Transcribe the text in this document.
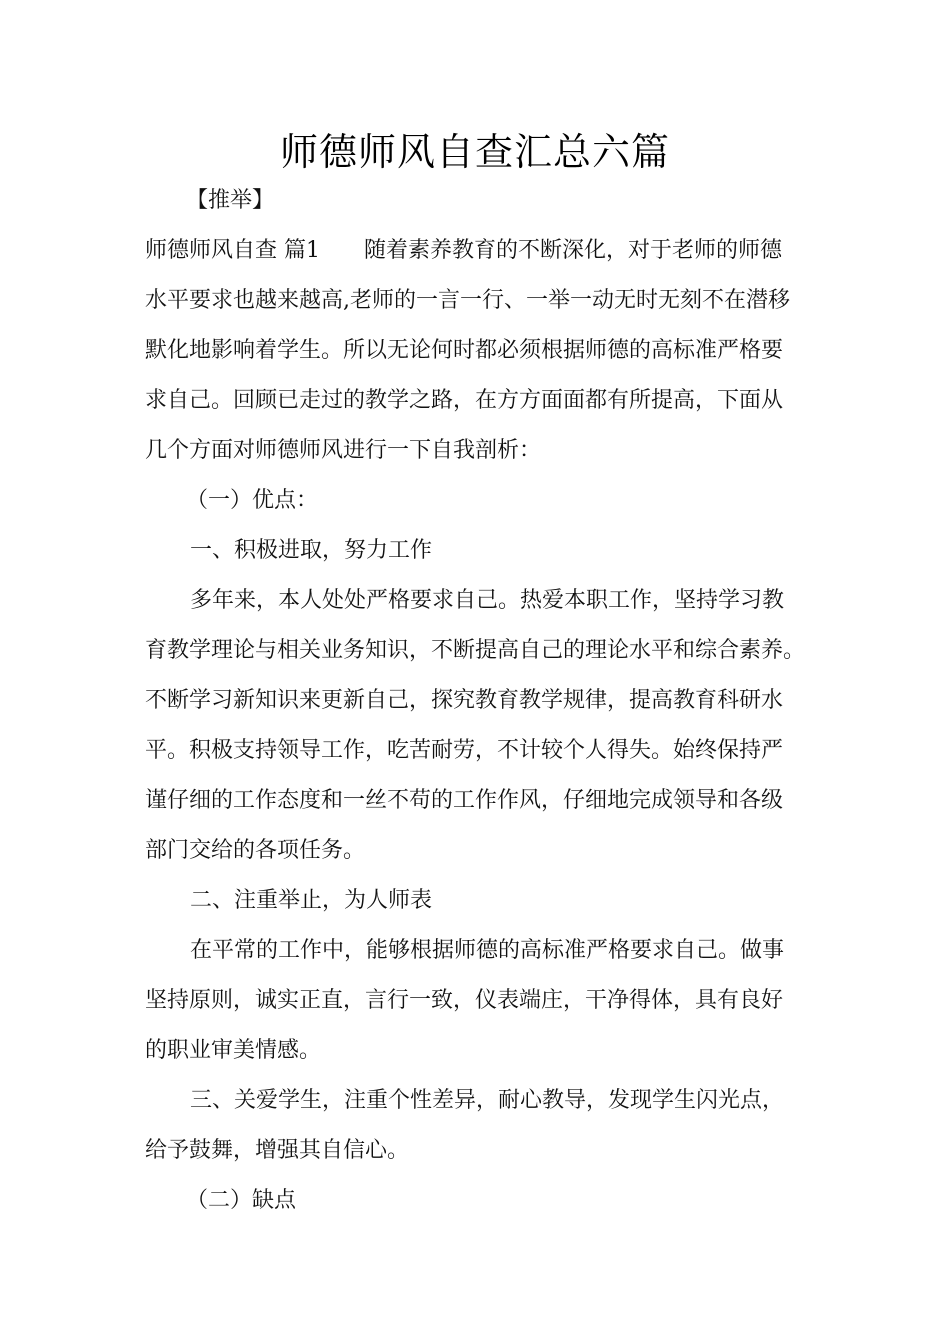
师德师风自查汇总六篇
【推举】
师德师风自查 篇1　　随着素养教育的不断深化，对于老师的师德
水平要求也越来越高,老师的一言一行、一举一动无时无刻不在潜移
默化地影响着学生。所以无论何时都必须根据师德的高标准严格要
求自己。回顾已走过的教学之路，在方方面面都有所提高，下面从
几个方面对师德师风进行一下自我剖析：
（一）优点：
一、积极进取，努力工作
多年来，本人处处严格要求自己。热爱本职工作，坚持学习教
育教学理论与相关业务知识，不断提高自己的理论水平和综合素养。
不断学习新知识来更新自己，探究教育教学规律，提高教育科研水
平。积极支持领导工作，吃苦耐劳，不计较个人得失。始终保持严
谨仔细的工作态度和一丝不苟的工作作风，仔细地完成领导和各级
部门交给的各项任务。
二、注重举止，为人师表
在平常的工作中，能够根据师德的高标准严格要求自己。做事
坚持原则，诚实正直，言行一致，仪表端庄，干净得体，具有良好
的职业审美情感。
三、关爱学生，注重个性差异，耐心教导，发现学生闪光点，
给予鼓舞，增强其自信心。
（二）缺点
